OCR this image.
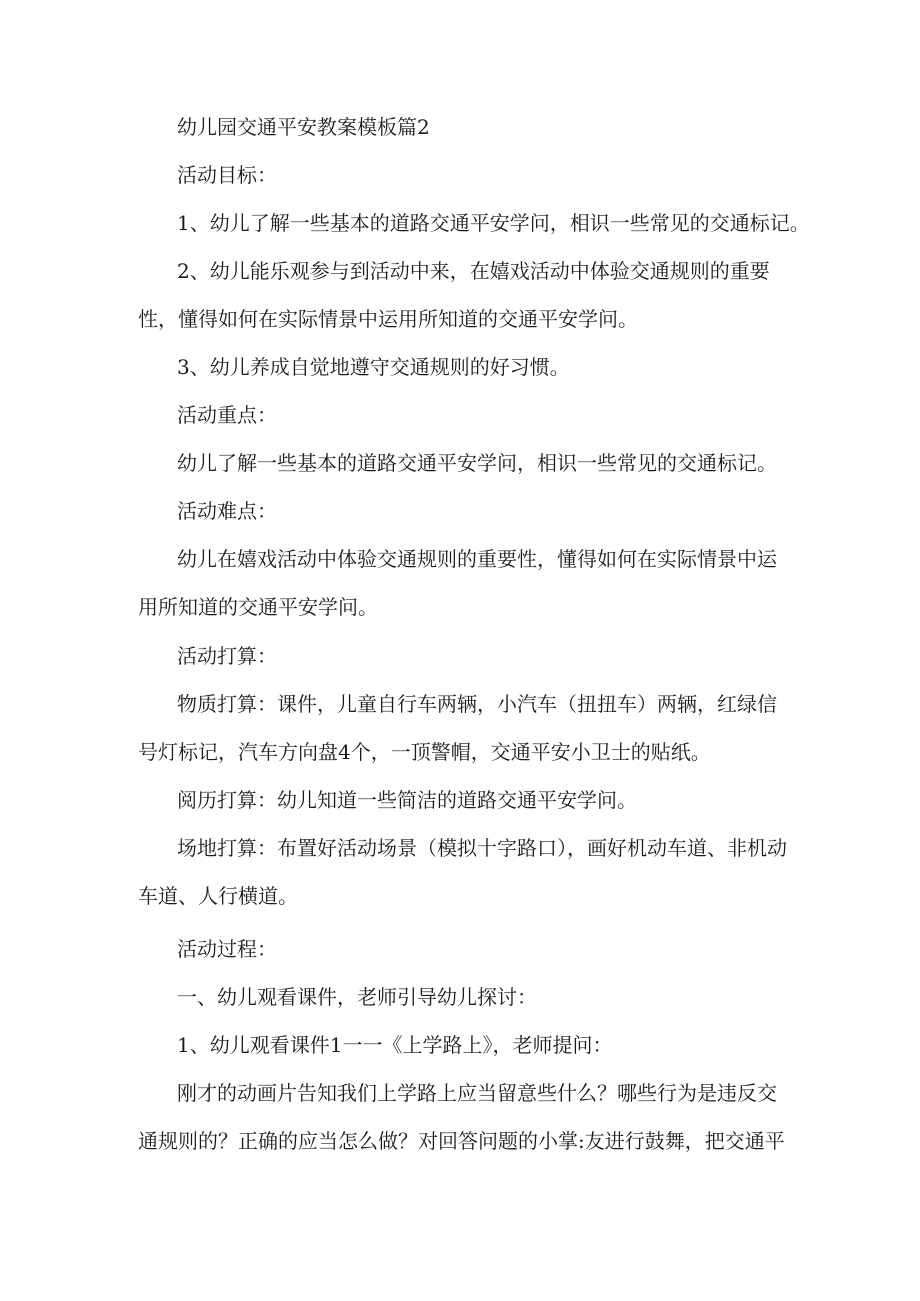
幼儿园交通平安教案模板篇2

活动目标：

1、幼儿了解一些基本的道路交通平安学问，相识一些常见的交通标记。

2、幼儿能乐观参与到活动中来，在嬉戏活动中体验交通规则的重要性，懂得如何在实际情景中运用所知道的交通平安学问。

3、幼儿养成自觉地遵守交通规则的好习惯。

活动重点：

幼儿了解一些基本的道路交通平安学问，相识一些常见的交通标记。

活动难点：

幼儿在嬉戏活动中体验交通规则的重要性，懂得如何在实际情景中运用所知道的交通平安学问。

活动打算：

物质打算：课件，儿童自行车两辆，小汽车（扭扭车）两辆，红绿信号灯标记，汽车方向盘4个，一顶警帽，交通平安小卫士的贴纸。

阅历打算：幼儿知道一些简洁的道路交通平安学问。

场地打算：布置好活动场景（模拟十字路口），画好机动车道、非机动车道、人行横道。

活动过程：

一、幼儿观看课件，老师引导幼儿探讨：

1、幼儿观看课件1一一《上学路上》，老师提问：

刚才的动画片告知我们上学路上应当留意些什么？哪些行为是违反交通规则的？正确的应当怎么做？对回答问题的小掌:友进行鼓舞，把交通平
